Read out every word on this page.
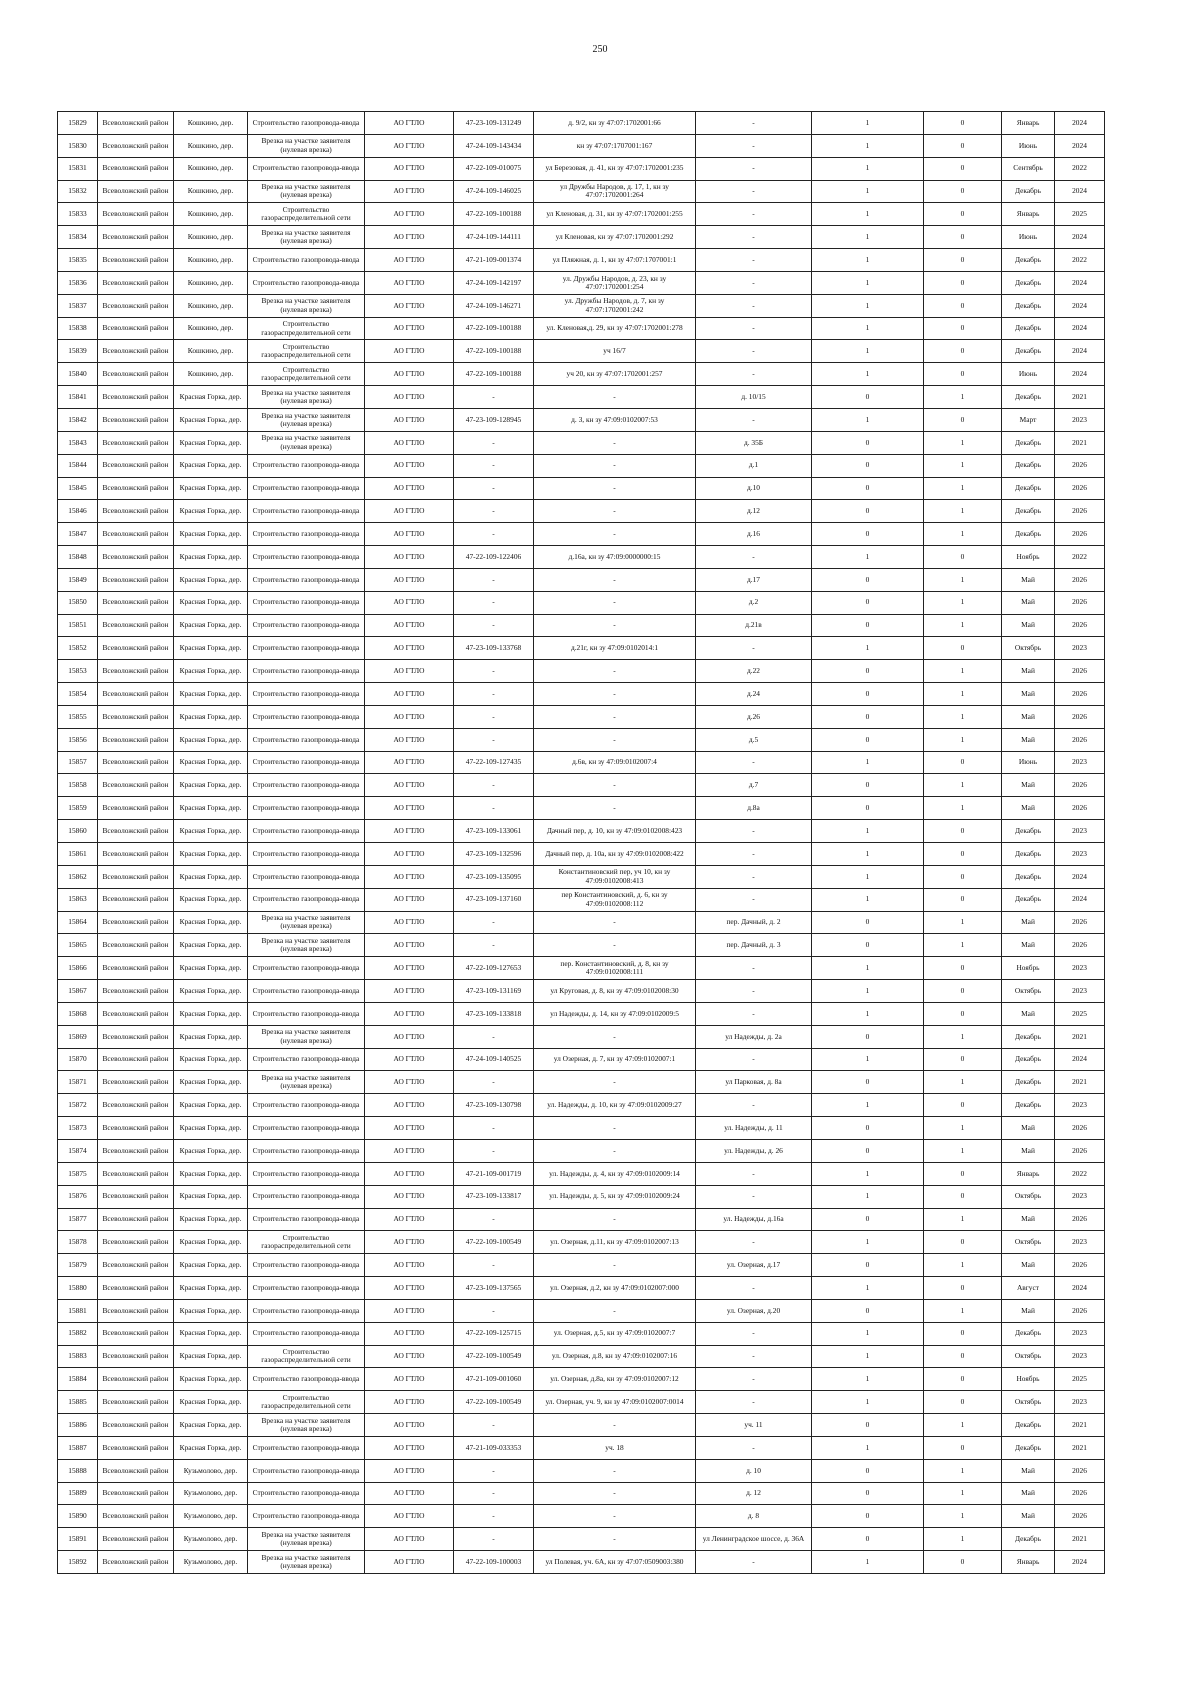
250
15829	Всеволожский район	Кошкино, дер.	Строительство газопровода-ввода	АО ГТЛО	47-23-109-131249	д. 9/2, кн зу 47:07:1702001:66	-	1	0	Январь	2024
15830	Всеволожский район	Кошкино, дер.	Врезка на участке заявителя (нулевая врезка)	АО ГТЛО	47-24-109-143434	кн зу 47:07:1707001:167	-	1	0	Июнь	2024
15831	Всеволожский район	Кошкино, дер.	Строительство газопровода-ввода	АО ГТЛО	47-22-109-010075	ул Березовая, д. 41, кн зу 47:07:1702001:235	-	1	0	Сентябрь	2022
15832	Всеволожский район	Кошкино, дер.	Врезка на участке заявителя (нулевая врезка)	АО ГТЛО	47-24-109-146025	ул Дружбы Народов, д. 17, 1, кн зу 47:07:1702001:264	-	1	0	Декабрь	2024
15833	Всеволожский район	Кошкино, дер.	Строительство газораспределительной сети	АО ГТЛО	47-22-109-100188	ул Кленовая, д. 31, кн зу 47:07:1702001:255	-	1	0	Январь	2025
15834	Всеволожский район	Кошкино, дер.	Врезка на участке заявителя (нулевая врезка)	АО ГТЛО	47-24-109-144111	ул Кленовая, кн зу 47:07:1702001:292	-	1	0	Июнь	2024
15835	Всеволожский район	Кошкино, дер.	Строительство газопровода-ввода	АО ГТЛО	47-21-109-001374	ул Пляжная, д. 1, кн зу 47:07:1707001:1	-	1	0	Декабрь	2022
15836	Всеволожский район	Кошкино, дер.	Строительство газопровода-ввода	АО ГТЛО	47-24-109-142197	ул. Дружбы Народов, д. 23, кн зу 47:07:1702001:254	-	1	0	Декабрь	2024
15837	Всеволожский район	Кошкино, дер.	Врезка на участке заявителя (нулевая врезка)	АО ГТЛО	47-24-109-146271	ул. Дружбы Народов, д. 7, кн зу 47:07:1702001:242	-	1	0	Декабрь	2024
15838	Всеволожский район	Кошкино, дер.	Строительство газораспределительной сети	АО ГТЛО	47-22-109-100188	ул. Кленовая,д. 29, кн зу 47:07:1702001:278	-	1	0	Декабрь	2024
15839	Всеволожский район	Кошкино, дер.	Строительство газораспределительной сети	АО ГТЛО	47-22-109-100188	уч 16/7	-	1	0	Декабрь	2024
15840	Всеволожский район	Кошкино, дер.	Строительство газораспределительной сети	АО ГТЛО	47-22-109-100188	уч 20, кн зу 47:07:1702001:257	-	1	0	Июнь	2024
15841	Всеволожский район	Красная Горка, дер.	Врезка на участке заявителя (нулевая врезка)	АО ГТЛО	-	-	д. 10/15	0	1	Декабрь	2021
15842	Всеволожский район	Красная Горка, дер.	Врезка на участке заявителя (нулевая врезка)	АО ГТЛО	47-23-109-128945	д. 3, кн зу 47:09:0102007:53	-	1	0	Март	2023
15843	Всеволожский район	Красная Горка, дер.	Врезка на участке заявителя (нулевая врезка)	АО ГТЛО	-	-	д. 35Б	0	1	Декабрь	2021
15844	Всеволожский район	Красная Горка, дер.	Строительство газопровода-ввода	АО ГТЛО	-	-	д.1	0	1	Декабрь	2026
15845	Всеволожский район	Красная Горка, дер.	Строительство газопровода-ввода	АО ГТЛО	-	-	д.10	0	1	Декабрь	2026
15846	Всеволожский район	Красная Горка, дер.	Строительство газопровода-ввода	АО ГТЛО	-	-	д.12	0	1	Декабрь	2026
15847	Всеволожский район	Красная Горка, дер.	Строительство газопровода-ввода	АО ГТЛО	-	-	д.16	0	1	Декабрь	2026
15848	Всеволожский район	Красная Горка, дер.	Строительство газопровода-ввода	АО ГТЛО	47-22-109-122406	д.16а, кн зу 47:09:0000000:15	-	1	0	Ноябрь	2022
15849	Всеволожский район	Красная Горка, дер.	Строительство газопровода-ввода	АО ГТЛО	-	-	д.17	0	1	Май	2026
15850	Всеволожский район	Красная Горка, дер.	Строительство газопровода-ввода	АО ГТЛО	-	-	д.2	0	1	Май	2026
15851	Всеволожский район	Красная Горка, дер.	Строительство газопровода-ввода	АО ГТЛО	-	-	д.21в	0	1	Май	2026
15852	Всеволожский район	Красная Горка, дер.	Строительство газопровода-ввода	АО ГТЛО	47-23-109-133768	д.21г, кн зу 47:09:0102014:1	-	1	0	Октябрь	2023
15853	Всеволожский район	Красная Горка, дер.	Строительство газопровода-ввода	АО ГТЛО	-	-	д.22	0	1	Май	2026
15854	Всеволожский район	Красная Горка, дер.	Строительство газопровода-ввода	АО ГТЛО	-	-	д.24	0	1	Май	2026
15855	Всеволожский район	Красная Горка, дер.	Строительство газопровода-ввода	АО ГТЛО	-	-	д.26	0	1	Май	2026
15856	Всеволожский район	Красная Горка, дер.	Строительство газопровода-ввода	АО ГТЛО	-	-	д.5	0	1	Май	2026
15857	Всеволожский район	Красная Горка, дер.	Строительство газопровода-ввода	АО ГТЛО	47-22-109-127435	д.6в, кн зу 47:09:0102007:4	-	1	0	Июнь	2023
15858	Всеволожский район	Красная Горка, дер.	Строительство газопровода-ввода	АО ГТЛО	-	-	д.7	0	1	Май	2026
15859	Всеволожский район	Красная Горка, дер.	Строительство газопровода-ввода	АО ГТЛО	-	-	д.8а	0	1	Май	2026
15860	Всеволожский район	Красная Горка, дер.	Строительство газопровода-ввода	АО ГТЛО	47-23-109-133061	Дачный пер, д. 10, кн зу 47:09:0102008:423	-	1	0	Декабрь	2023
15861	Всеволожский район	Красная Горка, дер.	Строительство газопровода-ввода	АО ГТЛО	47-23-109-132596	Дачный пер, д. 10а, кн зу 47:09:0102008:422	-	1	0	Декабрь	2023
15862	Всеволожский район	Красная Горка, дер.	Строительство газопровода-ввода	АО ГТЛО	47-23-109-135095	Константиновский пер, уч 10, кн зу 47:09:0102008:413	-	1	0	Декабрь	2024
15863	Всеволожский район	Красная Горка, дер.	Строительство газопровода-ввода	АО ГТЛО	47-23-109-137160	пер Константиновский, д. 6, кн зу 47:09:0102008:112	-	1	0	Декабрь	2024
15864	Всеволожский район	Красная Горка, дер.	Врезка на участке заявителя (нулевая врезка)	АО ГТЛО	-	-	пер. Дачный, д. 2	0	1	Май	2026
15865	Всеволожский район	Красная Горка, дер.	Врезка на участке заявителя (нулевая врезка)	АО ГТЛО	-	-	пер. Дачный, д. 3	0	1	Май	2026
15866	Всеволожский район	Красная Горка, дер.	Строительство газопровода-ввода	АО ГТЛО	47-22-109-127653	пер. Константиновский, д. 8, кн зу 47:09:0102008:111	-	1	0	Ноябрь	2023
15867	Всеволожский район	Красная Горка, дер.	Строительство газопровода-ввода	АО ГТЛО	47-23-109-131169	ул Круговая, д. 8, кн зу 47:09:0102008:30	-	1	0	Октябрь	2023
15868	Всеволожский район	Красная Горка, дер.	Строительство газопровода-ввода	АО ГТЛО	47-23-109-133818	ул Надежды, д. 14, кн зу 47:09:0102009:5	-	1	0	Май	2025
15869	Всеволожский район	Красная Горка, дер.	Врезка на участке заявителя (нулевая врезка)	АО ГТЛО	-	-	ул Надежды, д. 2а	0	1	Декабрь	2021
15870	Всеволожский район	Красная Горка, дер.	Строительство газопровода-ввода	АО ГТЛО	47-24-109-140525	ул Озерная, д. 7, кн зу 47:09:0102007:1	-	1	0	Декабрь	2024
15871	Всеволожский район	Красная Горка, дер.	Врезка на участке заявителя (нулевая врезка)	АО ГТЛО	-	-	ул Парковая, д. 8а	0	1	Декабрь	2021
15872	Всеволожский район	Красная Горка, дер.	Строительство газопровода-ввода	АО ГТЛО	47-23-109-130798	ул. Надежды, д. 10, кн зу 47:09:0102009:27	-	1	0	Декабрь	2023
15873	Всеволожский район	Красная Горка, дер.	Строительство газопровода-ввода	АО ГТЛО	-	-	ул. Надежды, д. 11	0	1	Май	2026
15874	Всеволожский район	Красная Горка, дер.	Строительство газопровода-ввода	АО ГТЛО	-	-	ул. Надежды, д. 26	0	1	Май	2026
15875	Всеволожский район	Красная Горка, дер.	Строительство газопровода-ввода	АО ГТЛО	47-21-109-001719	ул. Надежды, д. 4, кн зу 47:09:0102009:14	-	1	0	Январь	2022
15876	Всеволожский район	Красная Горка, дер.	Строительство газопровода-ввода	АО ГТЛО	47-23-109-133817	ул. Надежды, д. 5, кн зу 47:09:0102009:24	-	1	0	Октябрь	2023
15877	Всеволожский район	Красная Горка, дер.	Строительство газопровода-ввода	АО ГТЛО	-	-	ул. Надежды, д.16а	0	1	Май	2026
15878	Всеволожский район	Красная Горка, дер.	Строительство газораспределительной сети	АО ГТЛО	47-22-109-100549	ул. Озерная, д.11, кн зу 47:09:0102007:13	-	1	0	Октябрь	2023
15879	Всеволожский район	Красная Горка, дер.	Строительство газопровода-ввода	АО ГТЛО	-	-	ул. Озерная, д.17	0	1	Май	2026
15880	Всеволожский район	Красная Горка, дер.	Строительство газопровода-ввода	АО ГТЛО	47-23-109-137565	ул. Озерная, д.2, кн зу 47:09:0102007:000	-	1	0	Август	2024
15881	Всеволожский район	Красная Горка, дер.	Строительство газопровода-ввода	АО ГТЛО	-	-	ул. Озерная, д.20	0	1	Май	2026
15882	Всеволожский район	Красная Горка, дер.	Строительство газопровода-ввода	АО ГТЛО	47-22-109-125715	ул. Озерная, д.5, кн зу 47:09:0102007:7	-	1	0	Декабрь	2023
15883	Всеволожский район	Красная Горка, дер.	Строительство газораспределительной сети	АО ГТЛО	47-22-109-100549	ул. Озерная, д.8, кн зу 47:09:0102007:16	-	1	0	Октябрь	2023
15884	Всеволожский район	Красная Горка, дер.	Строительство газопровода-ввода	АО ГТЛО	47-21-109-001060	ул. Озерная, д.8а, кн зу 47:09:0102007:12	-	1	0	Ноябрь	2025
15885	Всеволожский район	Красная Горка, дер.	Строительство газораспределительной сети	АО ГТЛО	47-22-109-100549	ул. Озерная, уч. 9, кн зу 47:09:0102007:0014	-	1	0	Октябрь	2023
15886	Всеволожский район	Красная Горка, дер.	Врезка на участке заявителя (нулевая врезка)	АО ГТЛО	-	-	уч. 11	0	1	Декабрь	2021
15887	Всеволожский район	Красная Горка, дер.	Строительство газопровода-ввода	АО ГТЛО	47-21-109-033353	уч. 18	-	1	0	Декабрь	2021
15888	Всеволожский район	Кузьмолово, дер.	Строительство газопровода-ввода	АО ГТЛО	-	-	д. 10	0	1	Май	2026
15889	Всеволожский район	Кузьмолово, дер.	Строительство газопровода-ввода	АО ГТЛО	-	-	д. 12	0	1	Май	2026
15890	Всеволожский район	Кузьмолово, дер.	Строительство газопровода-ввода	АО ГТЛО	-	-	д. 8	0	1	Май	2026
15891	Всеволожский район	Кузьмолово, дер.	Врезка на участке заявителя (нулевая врезка)	АО ГТЛО	-	-	ул Ленинградское шоссе, д. 36А	0	1	Декабрь	2021
15892	Всеволожский район	Кузьмолово, дер.	Врезка на участке заявителя (нулевая врезка)	АО ГТЛО	47-22-109-100003	ул Полевая, уч. 6А, кн зу 47:07:0509003:380	-	1	0	Январь	2024
